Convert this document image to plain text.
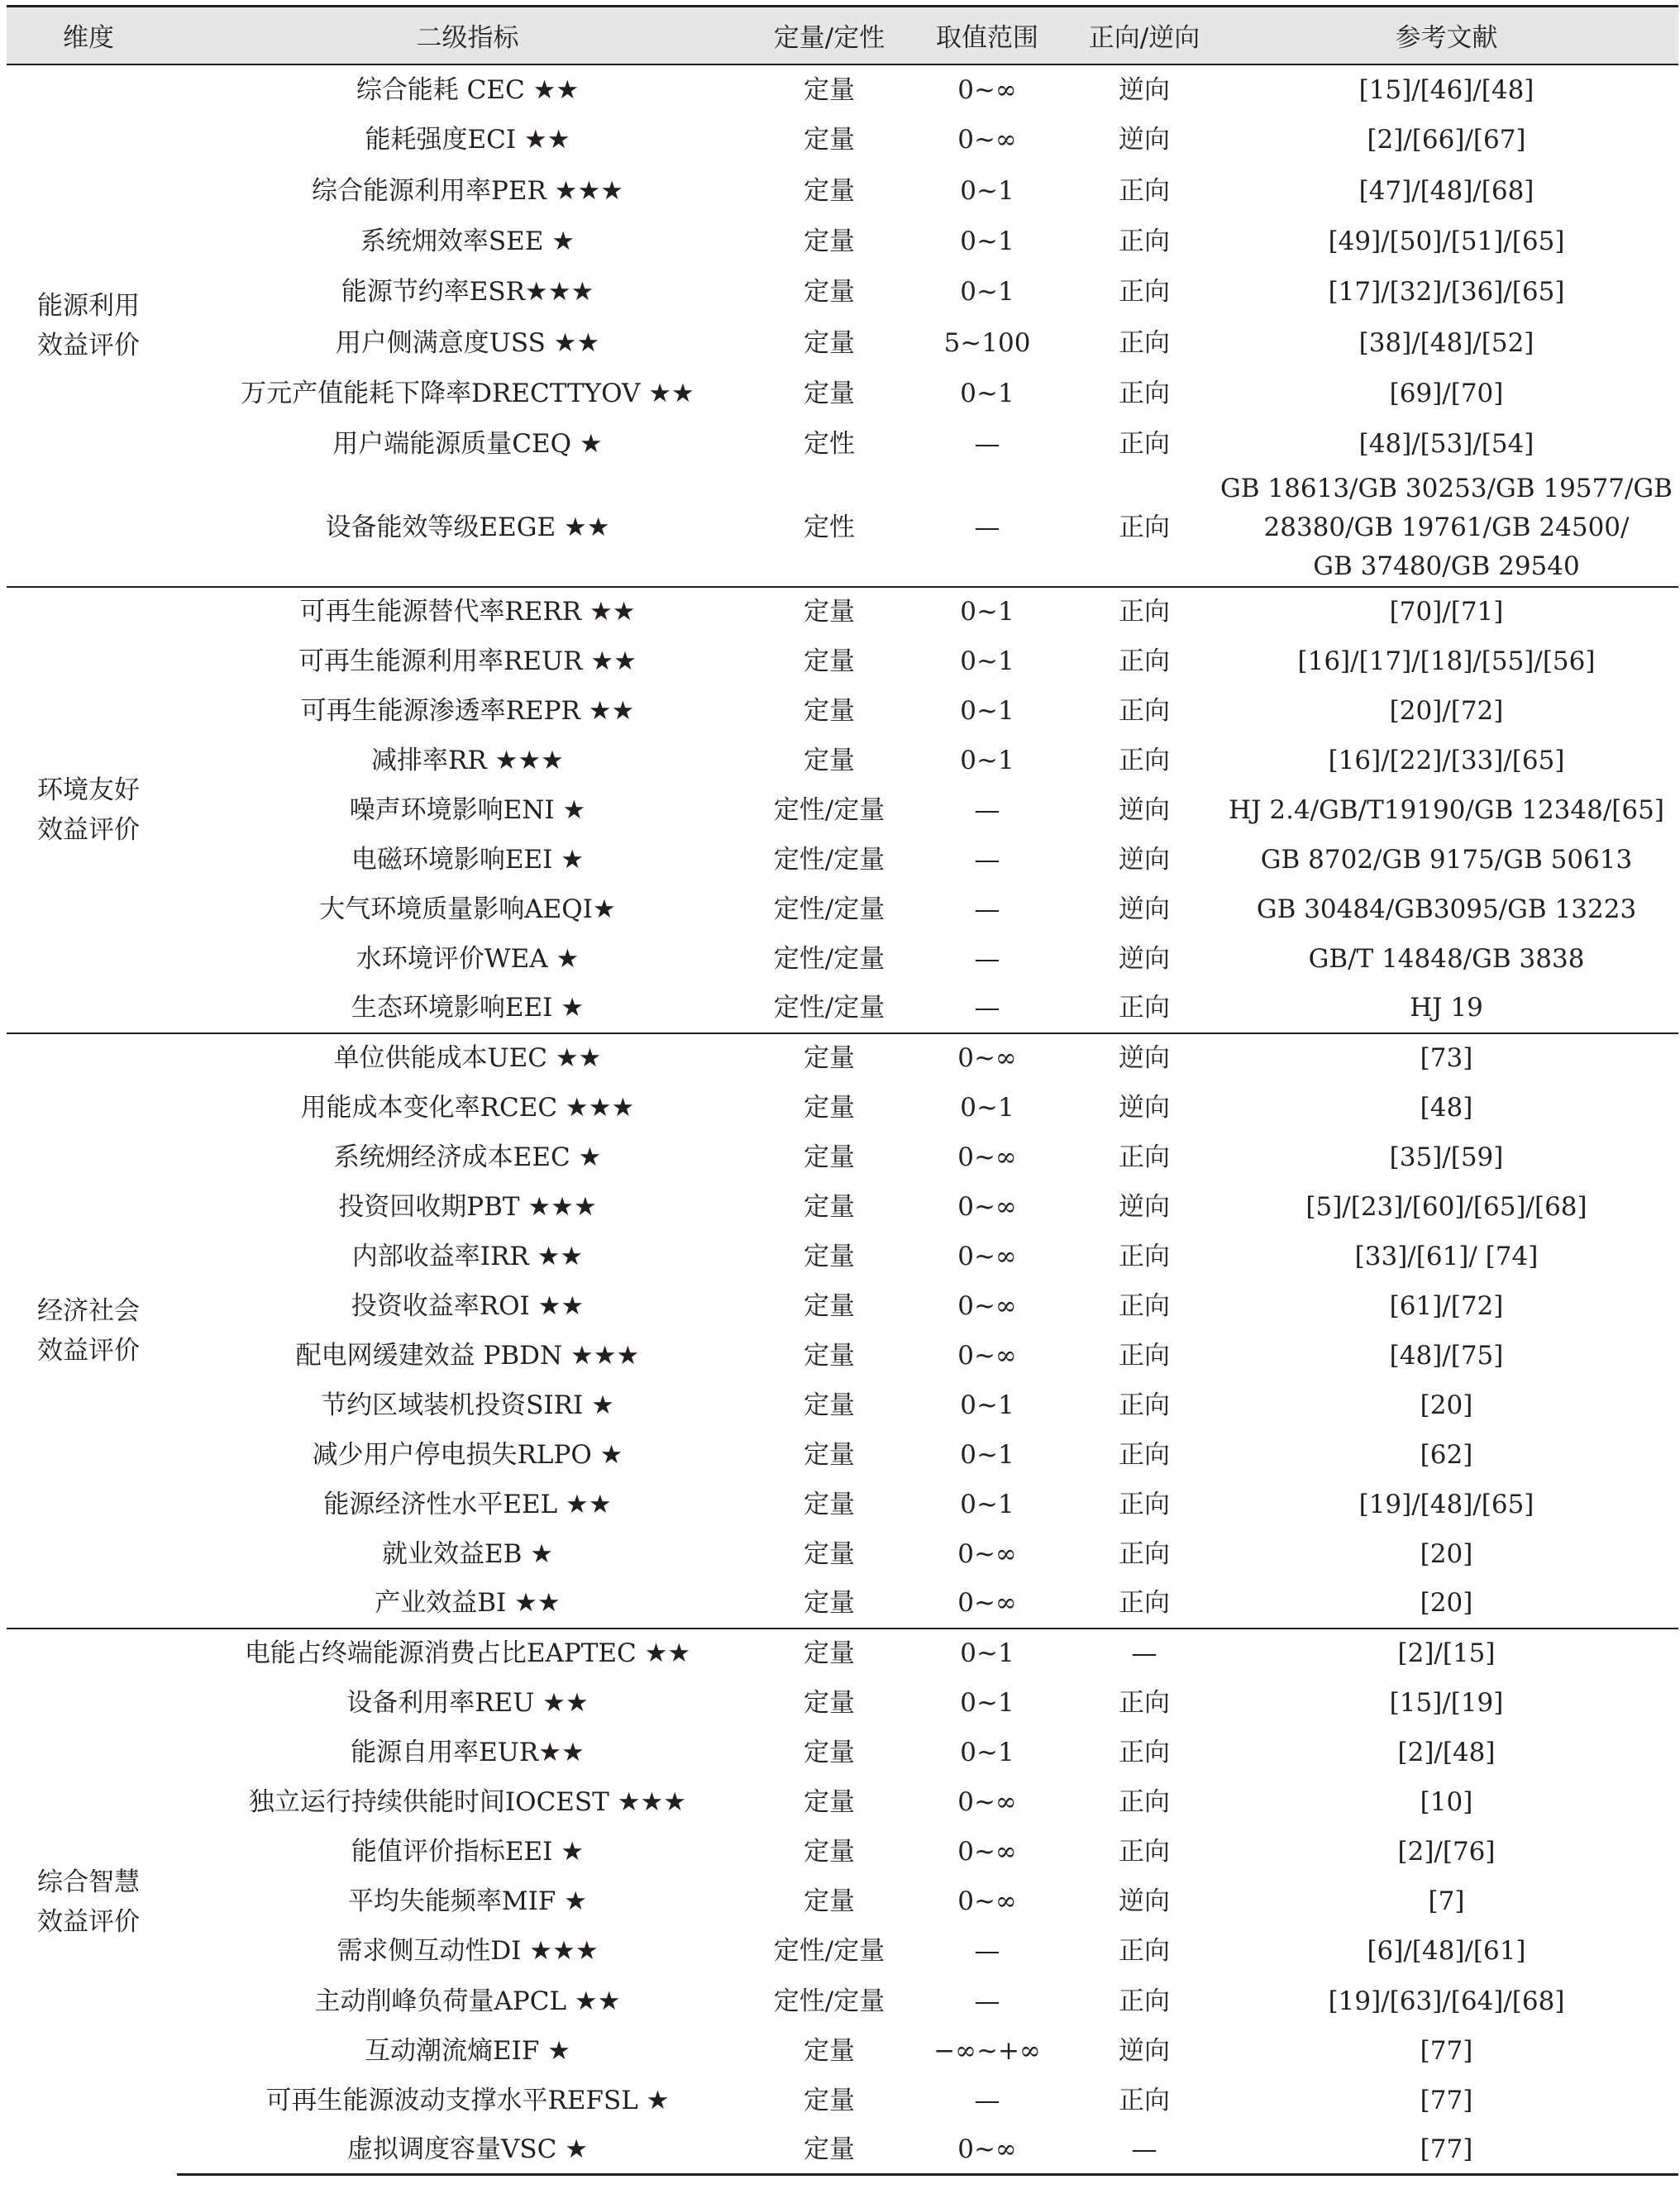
维度	二级指标	定量/定性	取值范围	正向/逆向	参考文献

能源利用
效益评价	综合能耗 CEC ★★	定量	0~∞	逆向	[15]/[46]/[48]
	能耗强度ECI ★★	定量	0~∞	逆向	[2]/[66]/[67]
	综合能源利用率PER ★★★	定量	0~1	正向	[47]/[48]/[68]
	系统㶲效率SEE ★	定量	0~1	正向	[49]/[50]/[51]/[65]
	能源节约率ESR★★★	定量	0~1	正向	[17]/[32]/[36]/[65]
	用户侧满意度USS ★★	定量	5~100	正向	[38]/[48]/[52]
	万元产值能耗下降率DRECTTYOV ★★	定量	0~1	正向	[69]/[70]
	用户端能源质量CEQ ★	定性	—	正向	[48]/[53]/[54]
	设备能效等级EEGE ★★	定性	—	正向	GB 18613/GB 30253/GB 19577/GB
28380/GB 19761/GB 24500/
GB 37480/GB 29540

环境友好
效益评价	可再生能源替代率RERR ★★	定量	0~1	正向	[70]/[71]
	可再生能源利用率REUR ★★	定量	0~1	正向	[16]/[17]/[18]/[55]/[56]
	可再生能源渗透率REPR ★★	定量	0~1	正向	[20]/[72]
	减排率RR ★★★	定量	0~1	正向	[16]/[22]/[33]/[65]
	噪声环境影响ENI ★	定性/定量	—	逆向	HJ 2.4/GB/T19190/GB 12348/[65]
	电磁环境影响EEI ★	定性/定量	—	逆向	GB 8702/GB 9175/GB 50613
	大气环境质量影响AEQI★	定性/定量	—	逆向	GB 30484/GB3095/GB 13223
	水环境评价WEA ★	定性/定量	—	逆向	GB/T 14848/GB 3838
	生态环境影响EEI ★	定性/定量	—	正向	HJ 19

经济社会
效益评价	单位供能成本UEC ★★	定量	0~∞	逆向	[73]
	用能成本变化率RCEC ★★★	定量	0~1	逆向	[48]
	系统㶲经济成本EEC ★	定量	0~∞	正向	[35]/[59]
	投资回收期PBT ★★★	定量	0~∞	逆向	[5]/[23]/[60]/[65]/[68]
	内部收益率IRR ★★	定量	0~∞	正向	[33]/[61]/ [74]
	投资收益率ROI ★★	定量	0~∞	正向	[61]/[72]
	配电网缓建效益 PBDN ★★★	定量	0~∞	正向	[48]/[75]
	节约区域装机投资SIRI ★	定量	0~1	正向	[20]
	减少用户停电损失RLPO ★	定量	0~1	正向	[62]
	能源经济性水平EEL ★★	定量	0~1	正向	[19]/[48]/[65]
	就业效益EB ★	定量	0~∞	正向	[20]
	产业效益BI ★★	定量	0~∞	正向	[20]

综合智慧
效益评价	电能占终端能源消费占比EAPTEC ★★	定量	0~1	—	[2]/[15]
	设备利用率REU ★★	定量	0~1	正向	[15]/[19]
	能源自用率EUR★★	定量	0~1	正向	[2]/[48]
	独立运行持续供能时间IOCEST ★★★	定量	0~∞	正向	[10]
	能值评价指标EEI ★	定量	0~∞	正向	[2]/[76]
	平均失能频率MIF ★	定量	0~∞	逆向	[7]
	需求侧互动性DI ★★★	定性/定量	—	正向	[6]/[48]/[61]
	主动削峰负荷量APCL ★★	定性/定量	—	正向	[19]/[63]/[64]/[68]
	互动潮流熵EIF ★	定量	−∞~+∞	逆向	[77]
	可再生能源波动支撑水平REFSL ★	定量	—	正向	[77]
	虚拟调度容量VSC ★	定量	0~∞	—	[77]
